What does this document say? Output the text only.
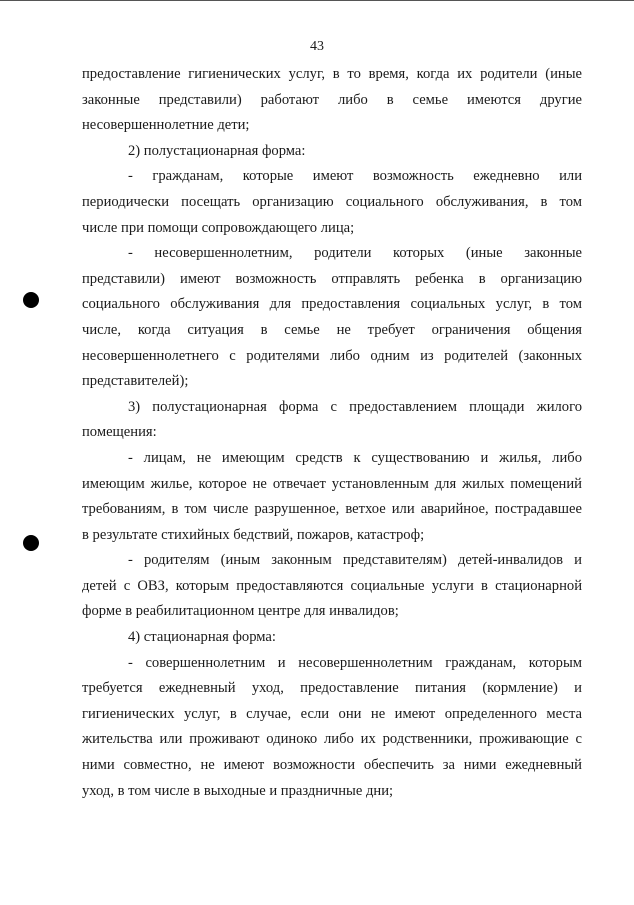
43
предоставление гигиенических услуг, в то время, когда их родители (иные
законные представили) работают либо в семье имеются другие
несовершеннолетние дети;
2) полустационарная форма:
- гражданам, которые имеют возможность ежедневно или
периодически посещать организацию социального обслуживания, в том
числе при помощи сопровождающего лица;
- несовершеннолетним, родители которых (иные законные
представили) имеют возможность отправлять ребенка в организацию
социального обслуживания для предоставления социальных услуг, в том
числе, когда ситуация в семье не требует ограничения общения
несовершеннолетнего с родителями либо одним из родителей (законных
представителей);
3) полустационарная форма с предоставлением площади жилого
помещения:
- лицам, не имеющим средств к существованию и жилья, либо
имеющим жилье, которое не отвечает установленным для жилых помещений
требованиям, в том числе разрушенное, ветхое или аварийное, пострадавшее
в результате стихийных бедствий, пожаров, катастроф;
- родителям (иным законным представителям) детей-инвалидов и
детей с ОВЗ, которым предоставляются социальные услуги в стационарной
форме в реабилитационном центре для инвалидов;
4) стационарная форма:
- совершеннолетним и несовершеннолетним гражданам, которым
требуется ежедневный уход, предоставление питания (кормление) и
гигиенических услуг, в случае, если они не имеют определенного места
жительства или проживают одиноко либо их родственники, проживающие с
ними совместно, не имеют возможности обеспечить за ними ежедневный
уход, в том числе в выходные и праздничные дни;
